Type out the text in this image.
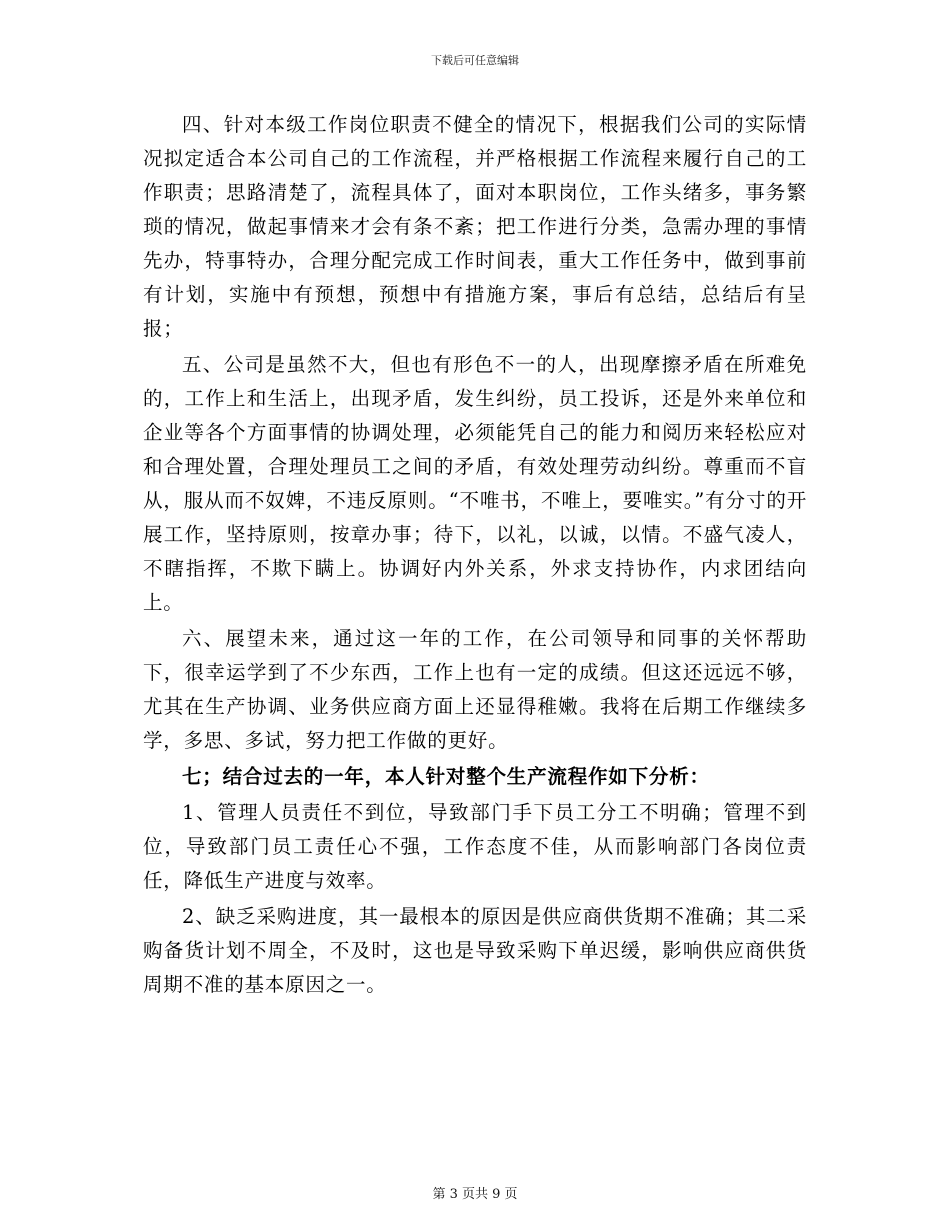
下载后可任意编辑

四、针对本级工作岗位职责不健全的情况下，根据我们公司的实际情况拟定适合本公司自己的工作流程，并严格根据工作流程来履行自己的工作职责；思路清楚了，流程具体了，面对本职岗位，工作头绪多，事务繁琐的情况，做起事情来才会有条不紊；把工作进行分类，急需办理的事情先办，特事特办，合理分配完成工作时间表，重大工作任务中，做到事前有计划，实施中有预想，预想中有措施方案，事后有总结，总结后有呈报；

五、公司是虽然不大，但也有形色不一的人，出现摩擦矛盾在所难免的，工作上和生活上，出现矛盾，发生纠纷，员工投诉，还是外来单位和企业等各个方面事情的协调处理，必须能凭自己的能力和阅历来轻松应对和合理处置，合理处理员工之间的矛盾，有效处理劳动纠纷。尊重而不盲从，服从而不奴婢，不违反原则。“不唯书，不唯上，要唯实。”有分寸的开展工作，坚持原则，按章办事；待下，以礼，以诚，以情。不盛气凌人，不瞎指挥，不欺下瞒上。协调好内外关系，外求支持协作，内求团结向上。

六、展望未来，通过这一年的工作，在公司领导和同事的关怀帮助下，很幸运学到了不少东西，工作上也有一定的成绩。但这还远远不够，尤其在生产协调、业务供应商方面上还显得稚嫩。我将在后期工作继续多学，多思、多试，努力把工作做的更好。

七；结合过去的一年，本人针对整个生产流程作如下分析：

1、管理人员责任不到位，导致部门手下员工分工不明确；管理不到位，导致部门员工责任心不强，工作态度不佳，从而影响部门各岗位责任，降低生产进度与效率。

2、缺乏采购进度，其一最根本的原因是供应商供货期不准确；其二采购备货计划不周全，不及时，这也是导致采购下单迟缓，影响供应商供货周期不准的基本原因之一。

第 3 页共 9 页
